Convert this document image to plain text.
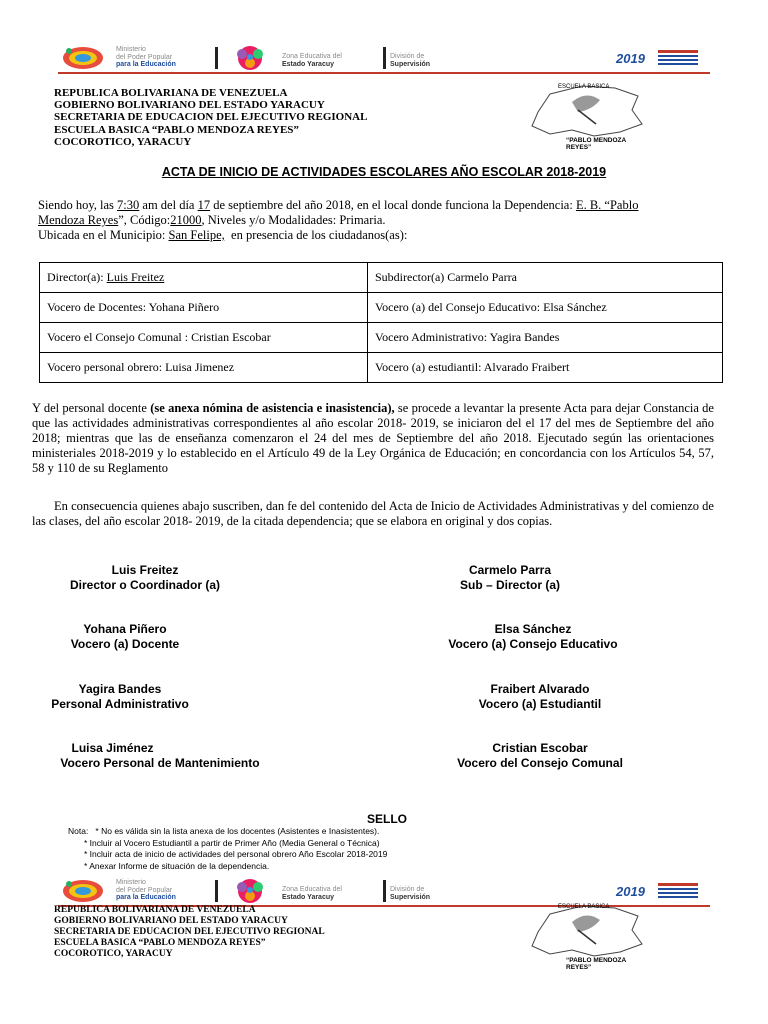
Ministerio
del Poder Popular
para la Educación
Zona Educativa del
Estado Yaracuy
División de
Supervisión	2019
REPUBLICA BOLIVARIANA DE VENEZUELA
GOBIERNO BOLIVARIANO DEL ESTADO YARACUY
SECRETARIA DE EDUCACION DEL EJECUTIVO REGIONAL
ESCUELA BASICA “PABLO MENDOZA REYES”
COCOROTICO, YARACUY
ESCUELA BASICA
“PABLO MENDOZA REYES”
ACTA DE INICIO DE ACTIVIDADES ESCOLARES AÑO ESCOLAR 2018-2019
Siendo hoy, las 7:30 am del día 17 de septiembre del año 2018, en el local donde funciona la Dependencia: E. B. “Pablo
Mendoza Reyes”, Código:21000, Niveles y/o Modalidades: Primaria.
Ubicada en el Municipio: San Felipe,  en presencia de los ciudadanos(as):
Director(a): Luis Freitez	Subdirector(a) Carmelo Parra
Vocero de Docentes: Yohana Piñero	Vocero (a) del Consejo Educativo: Elsa Sánchez
Vocero el Consejo Comunal : Cristian Escobar	Vocero Administrativo: Yagira Bandes
Vocero personal obrero: Luisa Jimenez	Vocero (a) estudiantil: Alvarado Fraibert
Y del personal docente (se anexa nómina de asistencia e inasistencia), se procede a levantar la presente Acta para dejar Constancia de que las actividades administrativas correspondientes al año escolar 2018- 2019, se iniciaron del el 17 del mes de Septiembre del año 2018; mientras que las de enseñanza comenzaron el 24 del mes de Septiembre del año 2018. Ejecutado según las orientaciones ministeriales 2018-2019 y lo establecido en el Artículo 49 de la Ley Orgánica de Educación; en concordancia con los Artículos 54, 57, 58 y 110 de su Reglamento
En consecuencia quienes abajo suscriben, dan fe del contenido del Acta de Inicio de Actividades Administrativas y del comienzo de las clases, del año escolar 2018- 2019, de la citada dependencia; que se elabora en original y dos copias.
Luis Freitez
Director o Coordinador (a)
Carmelo Parra
Sub – Director (a)
Yohana Piñero
Vocero (a) Docente
Elsa Sánchez
Vocero (a) Consejo Educativo
Yagira Bandes
Personal Administrativo
Fraibert Alvarado
Vocero (a) Estudiantil
Luisa Jiménez
Vocero Personal de Mantenimiento
Cristian Escobar
Vocero del Consejo Comunal
SELLO
Nota: * No es válida sin la lista anexa de los docentes (Asistentes e Inasistentes).
* Incluir al Vocero Estudiantil a partir de Primer Año (Media General o Técnica)
* Incluir acta de inicio de actividades del personal obrero Año Escolar 2018-2019
* Anexar Informe de situación de la dependencia.
Ministerio
del Poder Popular
para la Educación
Zona Educativa del
Estado Yaracuy
División de
Supervisión	2019
REPUBLICA BOLIVARIANA DE VENEZUELA
GOBIERNO BOLIVARIANO DEL ESTADO YARACUY
SECRETARIA DE EDUCACION DEL EJECUTIVO REGIONAL
ESCUELA BASICA “PABLO MENDOZA REYES”
COCOROTICO, YARACUY
ESCUELA BASICA
“PABLO MENDOZA REYES”
